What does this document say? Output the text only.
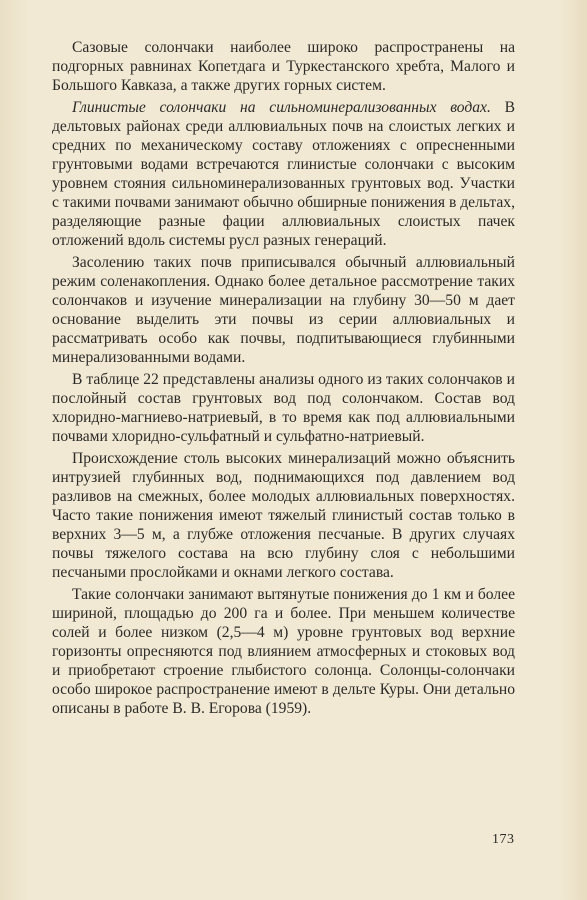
Сазовые солончаки наиболее широко распространены на подгорных равнинах Копетдага и Туркестанского хребта, Малого и Большого Кавказа, а также других горных систем.

Глинистые солончаки на сильноминерализованных водах. В дельтовых районах среди аллювиальных почв на слоистых легких и средних по механическому составу отложениях с опресненными грунтовыми водами встречаются глинистые солончаки с высоким уровнем стояния сильноминерализованных грунтовых вод. Участки с такими почвами занимают обычно обширные понижения в дельтах, разделяющие разные фации аллювиальных слоистых пачек отложений вдоль системы русл разных генераций.

Засолению таких почв приписывался обычный аллювиальный режим соленакопления. Однако более детальное рассмотрение таких солончаков и изучение минерализации на глубину 30—50 м дает основание выделить эти почвы из серии аллювиальных и рассматривать особо как почвы, подпитывающиеся глубинными минерализованными водами.

В таблице 22 представлены анализы одного из таких солончаков и послойный состав грунтовых вод под солончаком. Состав вод хлоридно-магниево-натриевый, в то время как под аллювиальными почвами хлоридно-сульфатный и сульфатно-натриевый.

Происхождение столь высоких минерализаций можно объяснить интрузией глубинных вод, поднимающихся под давлением вод разливов на смежных, более молодых аллювиальных поверхностях. Часто такие понижения имеют тяжелый глинистый состав только в верхних 3—5 м, а глубже отложения песчаные. В других случаях почвы тяжелого состава на всю глубину слоя с небольшими песчаными прослойками и окнами легкого состава.

Такие солончаки занимают вытянутые понижения до 1 км и более шириной, площадью до 200 га и более. При меньшем количестве солей и более низком (2,5—4 м) уровне грунтовых вод верхние горизонты опресняются под влиянием атмосферных и стоковых вод и приобретают строение глыбистого солонца. Солонцы-солончаки особо широкое распространение имеют в дельте Куры. Они детально описаны в работе В. В. Егорова (1959).

173
